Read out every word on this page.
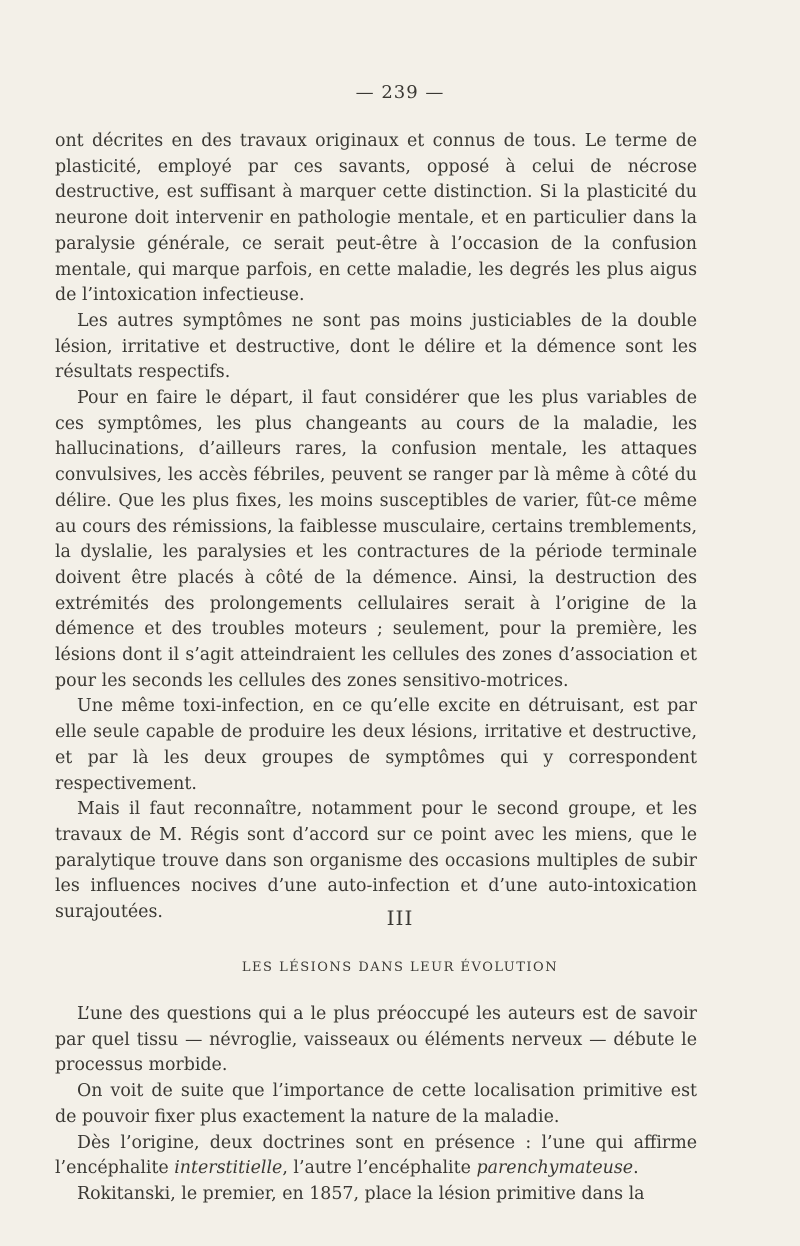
— 239 —

ont décrites en des travaux originaux et connus de tous. Le terme de plasticité, employé par ces savants, opposé à celui de nécrose destructive, est suffisant à marquer cette distinction. Si la plasticité du neurone doit intervenir en pathologie mentale, et en particulier dans la paralysie générale, ce serait peut-être à l’occasion de la confusion mentale, qui marque parfois, en cette maladie, les degrés les plus aigus de l’intoxication infectieuse.

Les autres symptômes ne sont pas moins justiciables de la double lésion, irritative et destructive, dont le délire et la démence sont les résultats respectifs.

Pour en faire le départ, il faut considérer que les plus variables de ces symptômes, les plus changeants au cours de la maladie, les hallucinations, d’ailleurs rares, la confusion mentale, les attaques convulsives, les accès fébriles, peuvent se ranger par là même à côté du délire. Que les plus fixes, les moins susceptibles de varier, fût-ce même au cours des rémissions, la faiblesse musculaire, certains tremblements, la dyslalie, les paralysies et les contractures de la période terminale doivent être placés à côté de la démence. Ainsi, la destruction des extrémités des prolongements cellulaires serait à l’origine de la démence et des troubles moteurs ; seulement, pour la première, les lésions dont il s’agit atteindraient les cellules des zones d’association et pour les seconds les cellules des zones sensitivo-motrices.

Une même toxi-infection, en ce qu’elle excite en détruisant, est par elle seule capable de produire les deux lésions, irritative et destructive, et par là les deux groupes de symptômes qui y correspondent respectivement.

Mais il faut reconnaître, notamment pour le second groupe, et les travaux de M. Régis sont d’accord sur ce point avec les miens, que le paralytique trouve dans son organisme des occasions multiples de subir les influences nocives d’une auto-infection et d’une auto-intoxication surajoutées.	III
LES LÉSIONS DANS LEUR ÉVOLUTION

L’une des questions qui a le plus préoccupé les auteurs est de savoir par quel tissu — névroglie, vaisseaux ou éléments nerveux — débute le processus morbide.

On voit de suite que l’importance de cette localisation primitive est de pouvoir fixer plus exactement la nature de la maladie.

Dès l’origine, deux doctrines sont en présence : l’une qui affirme l’encéphalite interstitielle, l’autre l’encéphalite parenchymateuse.

Rokitanski, le premier, en 1857, place la lésion primitive dans la
